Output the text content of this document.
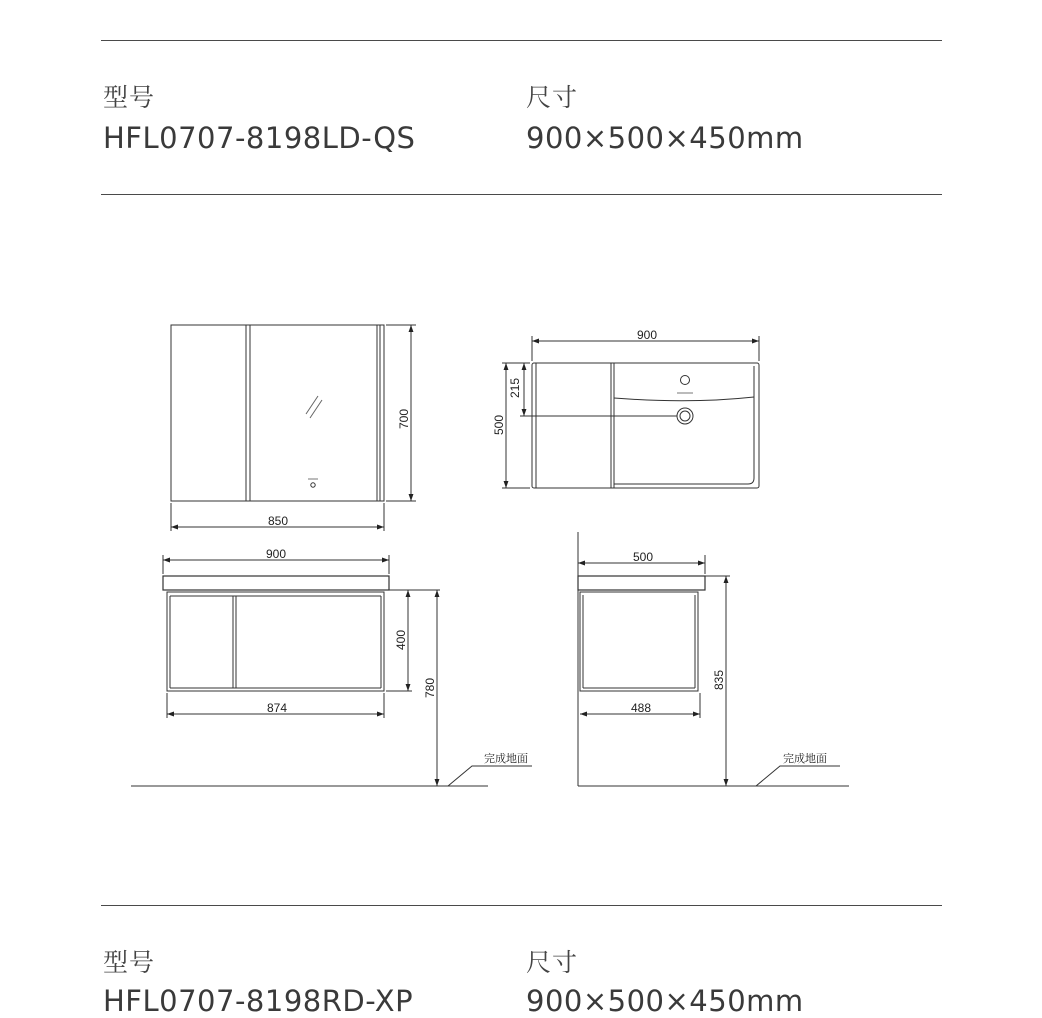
型号
HFL0707-8198LD-QS
尺寸
900×500×450mm
850
700
900
500
215
900
874
400
780
完成地面
500
488
835
完成地面
型号
HFL0707-8198RD-XP
尺寸
900×500×450mm
